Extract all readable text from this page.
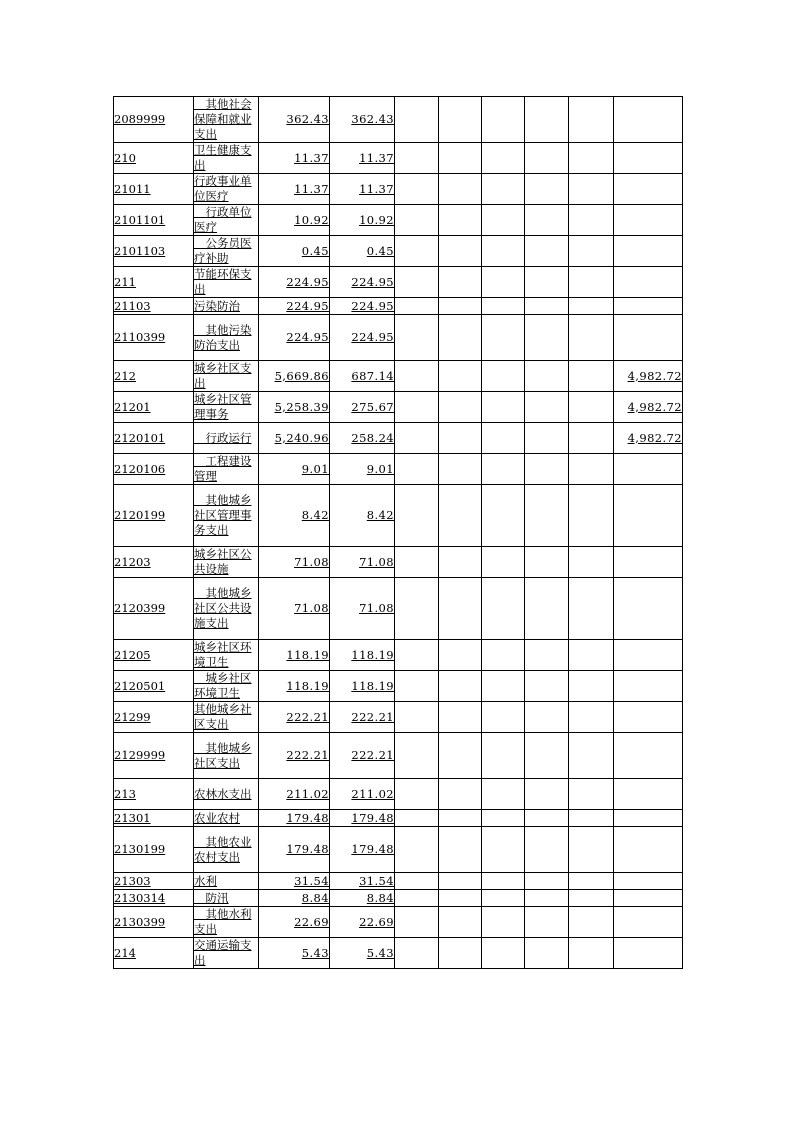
2089999	　其他社会保障和就业支出	362.43	362.43						
210	卫生健康支出	11.37	11.37						
21011	行政事业单位医疗	11.37	11.37						
2101101	　行政单位医疗	10.92	10.92						
2101103	　公务员医疗补助	0.45	0.45						
211	节能环保支出	224.95	224.95						
21103	污染防治	224.95	224.95						
2110399	　其他污染防治支出	224.95	224.95						
212	城乡社区支出	5,669.86	687.14						4,982.72
21201	城乡社区管理事务	5,258.39	275.67						4,982.72
2120101	　行政运行	5,240.96	258.24						4,982.72
2120106	　工程建设管理	9.01	9.01						
2120199	　其他城乡社区管理事务支出	8.42	8.42						
21203	城乡社区公共设施	71.08	71.08						
2120399	　其他城乡社区公共设施支出	71.08	71.08						
21205	城乡社区环境卫生	118.19	118.19						
2120501	　城乡社区环境卫生	118.19	118.19						
21299	其他城乡社区支出	222.21	222.21						
2129999	　其他城乡社区支出	222.21	222.21						
213	农林水支出	211.02	211.02						
21301	农业农村	179.48	179.48						
2130199	　其他农业农村支出	179.48	179.48						
21303	水利	31.54	31.54						
2130314	　防汛	8.84	8.84						
2130399	　其他水利支出	22.69	22.69						
214	交通运输支出	5.43	5.43						
